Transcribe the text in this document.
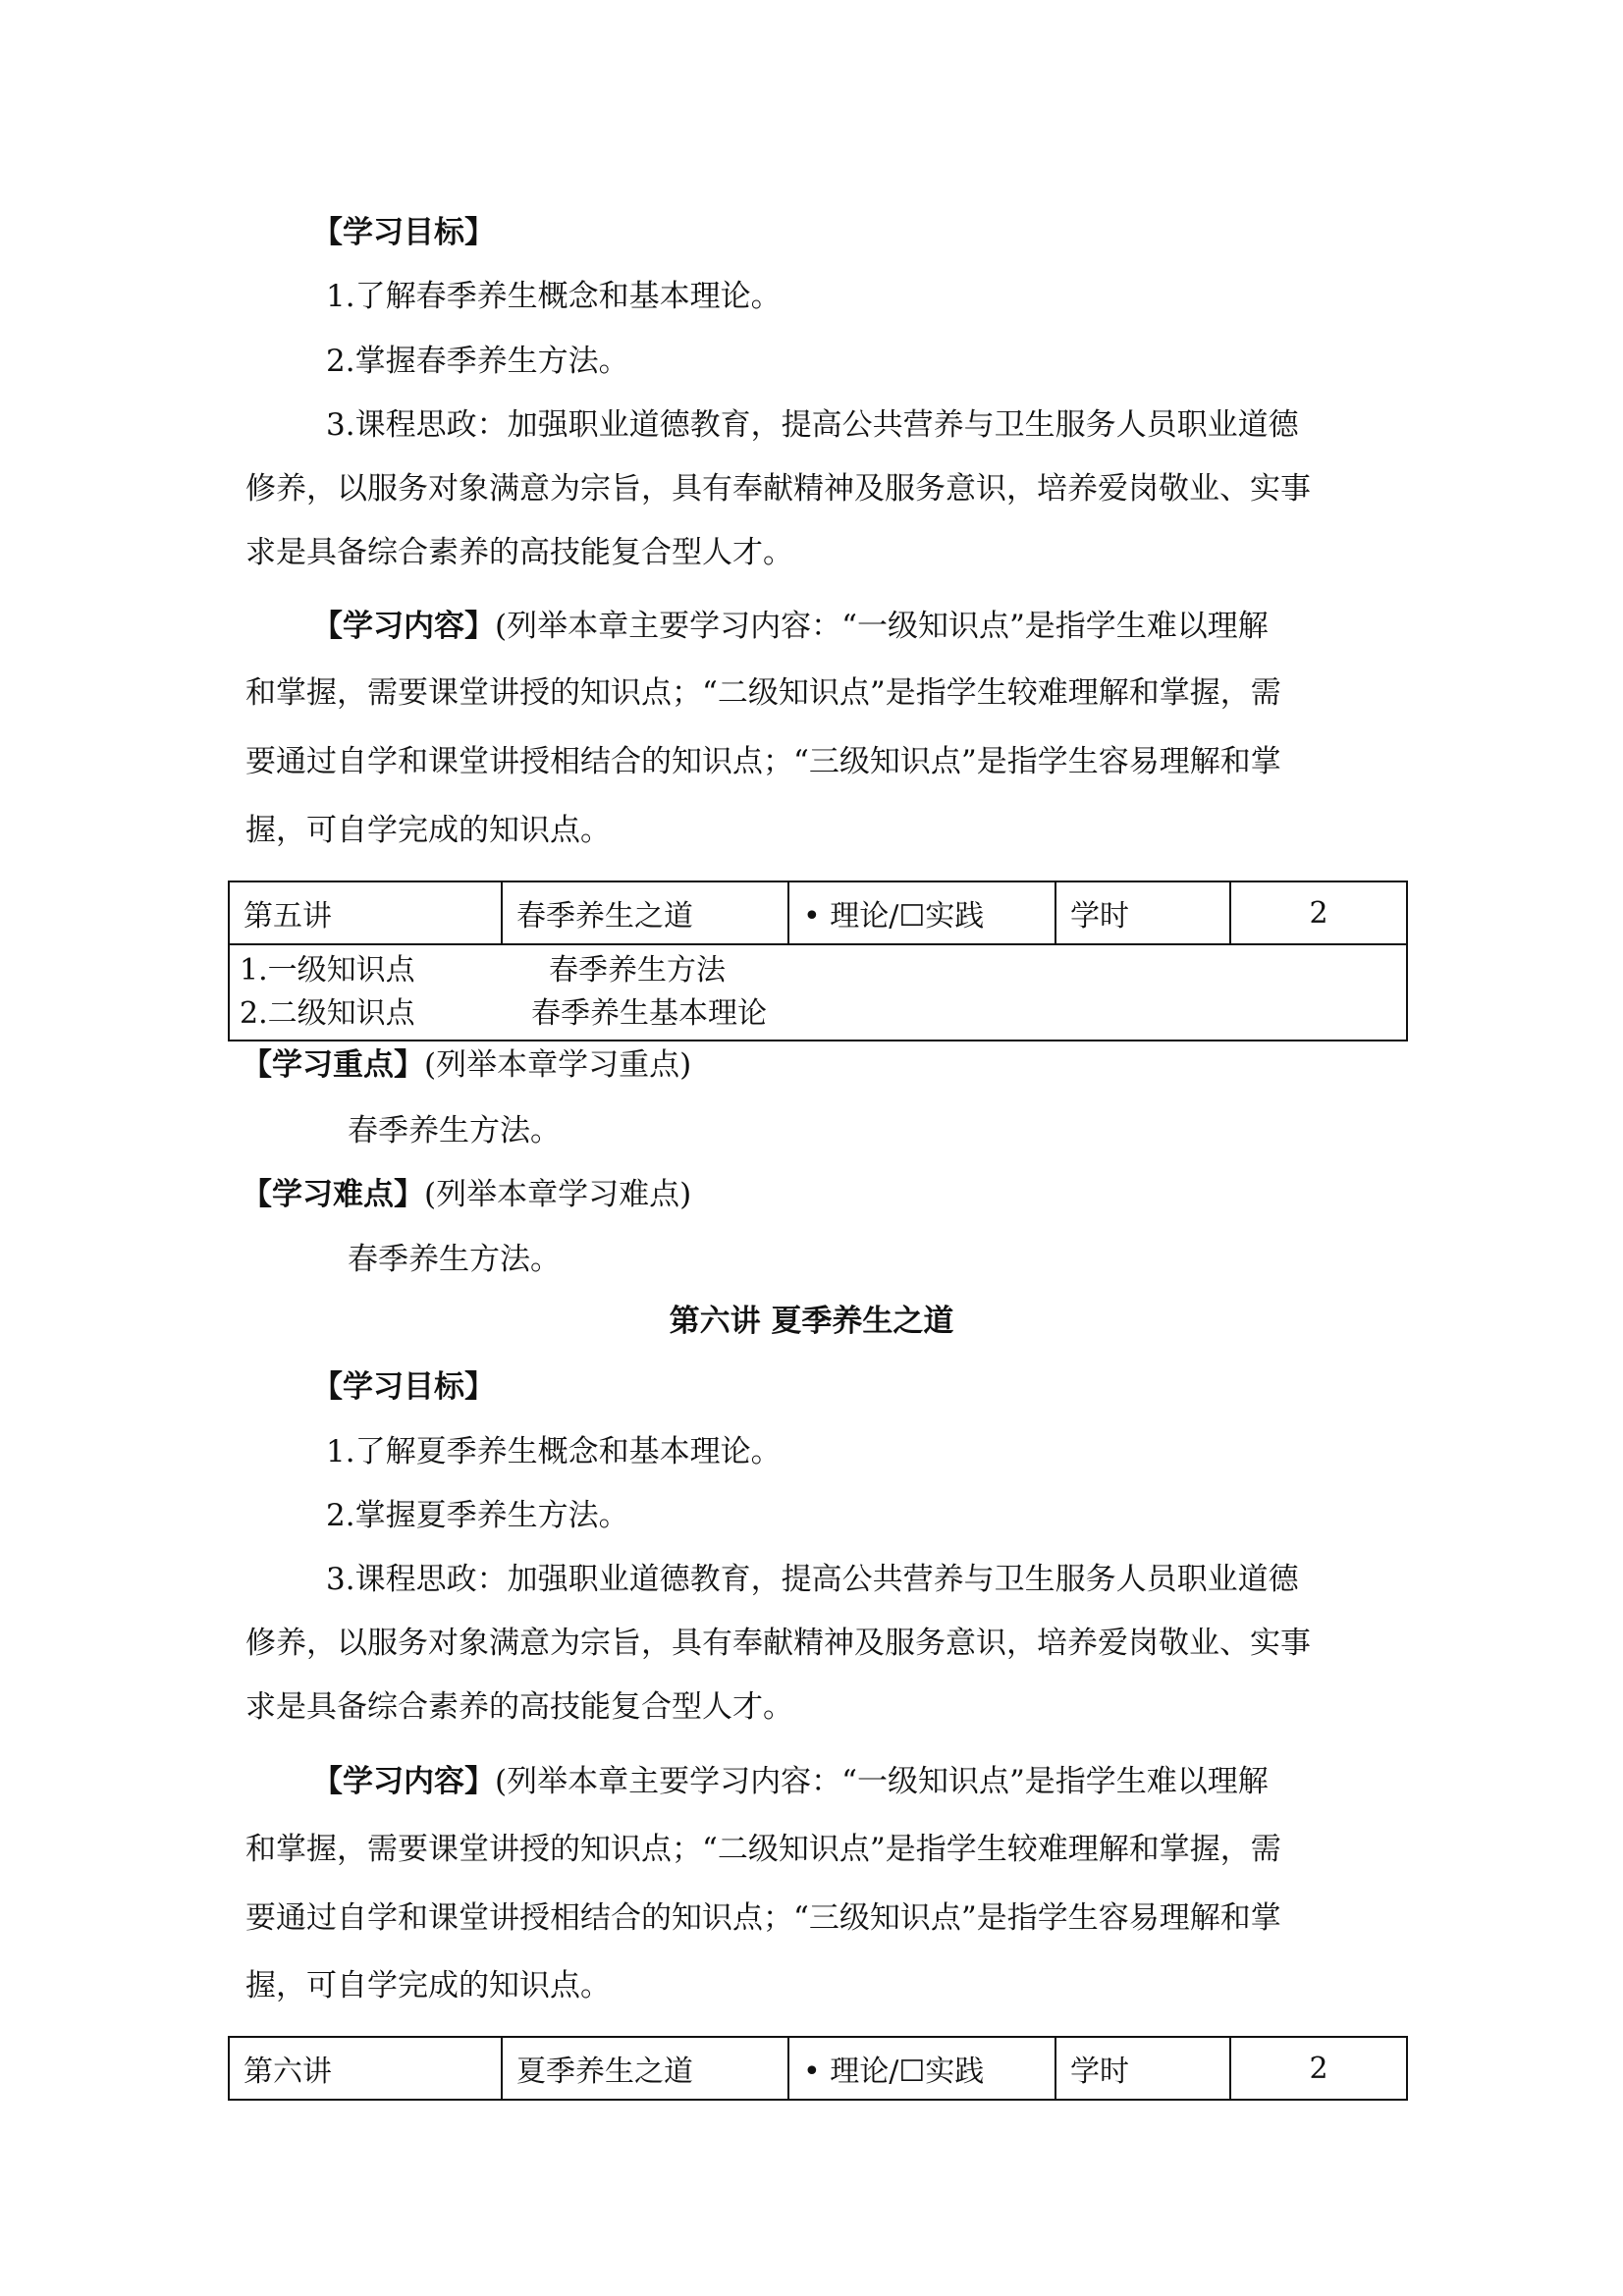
【学习目标】
1.了解春季养生概念和基本理论。
2.掌握春季养生方法。
3.课程思政：加强职业道德教育，提高公共营养与卫生服务人员职业道德
修养，以服务对象满意为宗旨，具有奉献精神及服务意识，培养爱岗敬业、实事
求是具备综合素养的高技能复合型人才。
【学习内容】(列举本章主要学习内容：“一级知识点”是指学生难以理解
和掌握，需要课堂讲授的知识点；“二级知识点”是指学生较难理解和掌握，需
要通过自学和课堂讲授相结合的知识点；“三级知识点”是指学生容易理解和掌
握，可自学完成的知识点。
第五讲	春季养生之道	• 理论/☐实践	学时	2

1.一级知识点	春季养生方法
2.二级知识点	春季养生基本理论
【学习重点】(列举本章学习重点)
春季养生方法。
【学习难点】(列举本章学习难点)
春季养生方法。
第六讲 夏季养生之道
【学习目标】
1.了解夏季养生概念和基本理论。
2.掌握夏季养生方法。
3.课程思政：加强职业道德教育，提高公共营养与卫生服务人员职业道德
修养，以服务对象满意为宗旨，具有奉献精神及服务意识，培养爱岗敬业、实事
求是具备综合素养的高技能复合型人才。
【学习内容】(列举本章主要学习内容：“一级知识点”是指学生难以理解
和掌握，需要课堂讲授的知识点；“二级知识点”是指学生较难理解和掌握，需
要通过自学和课堂讲授相结合的知识点；“三级知识点”是指学生容易理解和掌
握，可自学完成的知识点。
第六讲	夏季养生之道	• 理论/☐实践	学时	2
